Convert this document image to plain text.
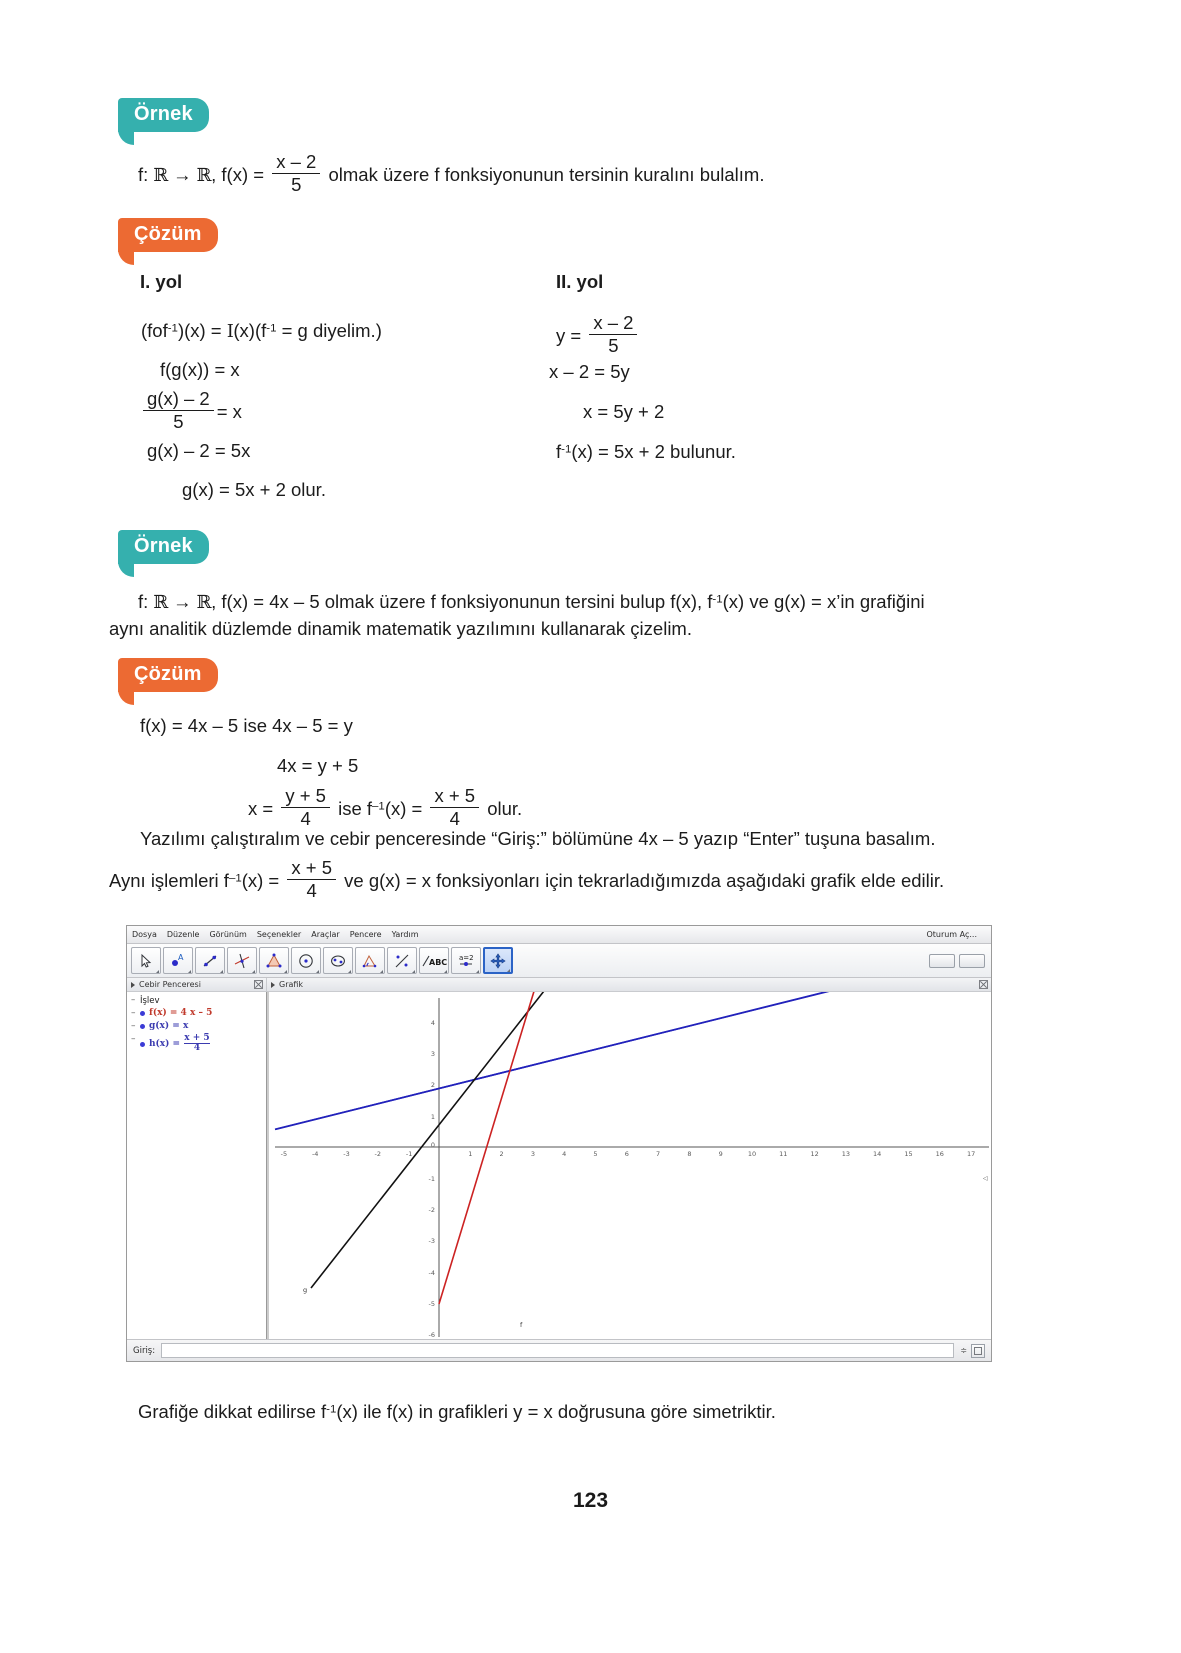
Örnek
f: ℝ → ℝ, $f(x) = \frac{x - 2}{5}$ olmak üzere f fonksiyonunun tersinin kuralını bulalım.
Çözüm
I. yol	II. yol
$(fof^{-1})(x) = I(x)(f^{-1} = g$ diyelim.)
f(g(x)) = x
$\frac{g(x) - 2}{5} = x$
g(x) – 2 = 5x
g(x) = 5x + 2 olur.
$y = \frac{x - 2}{5}$
x – 2 = 5y
x = 5y + 2
$f^{-1}(x) = 5x + 2$ bulunur.
Örnek
f: ℝ → ℝ, f(x) = 4x – 5 olmak üzere f fonksiyonunun tersini bulup f(x), $f^{-1}(x)$ ve g(x) = x’in grafiğini
aynı analitik düzlemde dinamik matematik yazılımını kullanarak çizelim.
Çözüm
f(x) = 4x – 5 ise 4x – 5 = y
4x = y + 5
$x = \frac{y + 5}{4}$ ise $f^{-1}(x) = \frac{x + 5}{4}$ olur.
Yazılımı çalıştıralım ve cebir penceresinde “Giriş:” bölümüne 4x – 5 yazıp “Enter” tuşuna basalım.
Aynı işlemleri $f^{-1}(x) = \frac{x + 5}{4}$ ve g(x) = x fonksiyonları için tekrarladığımızda aşağıdaki grafik elde edilir.
Dosya	Düzenle	Görünüm	Seçenekler	Araçlar	Pencere	Yardım	Oturum Aç...
A
ABC a=2
Cebir Penceresi	Grafik
– İşlev
– f(x) = 4 x – 5
– g(x) = x
– $h(x) = \frac{x + 5}{4}$
-5	-4	-3	-2	-1	1	2	3	4	5	6	7	8	9	10	11	12	13	14	15	16	17
4
3
2
1
0
-1
-2
-3
-4
-5
-6
g
f
◁
Giriş:	≑
Grafiğe dikkat edilirse $f^{-1}(x)$ ile f(x) in grafikleri y = x doğrusuna göre simetriktir.
123
